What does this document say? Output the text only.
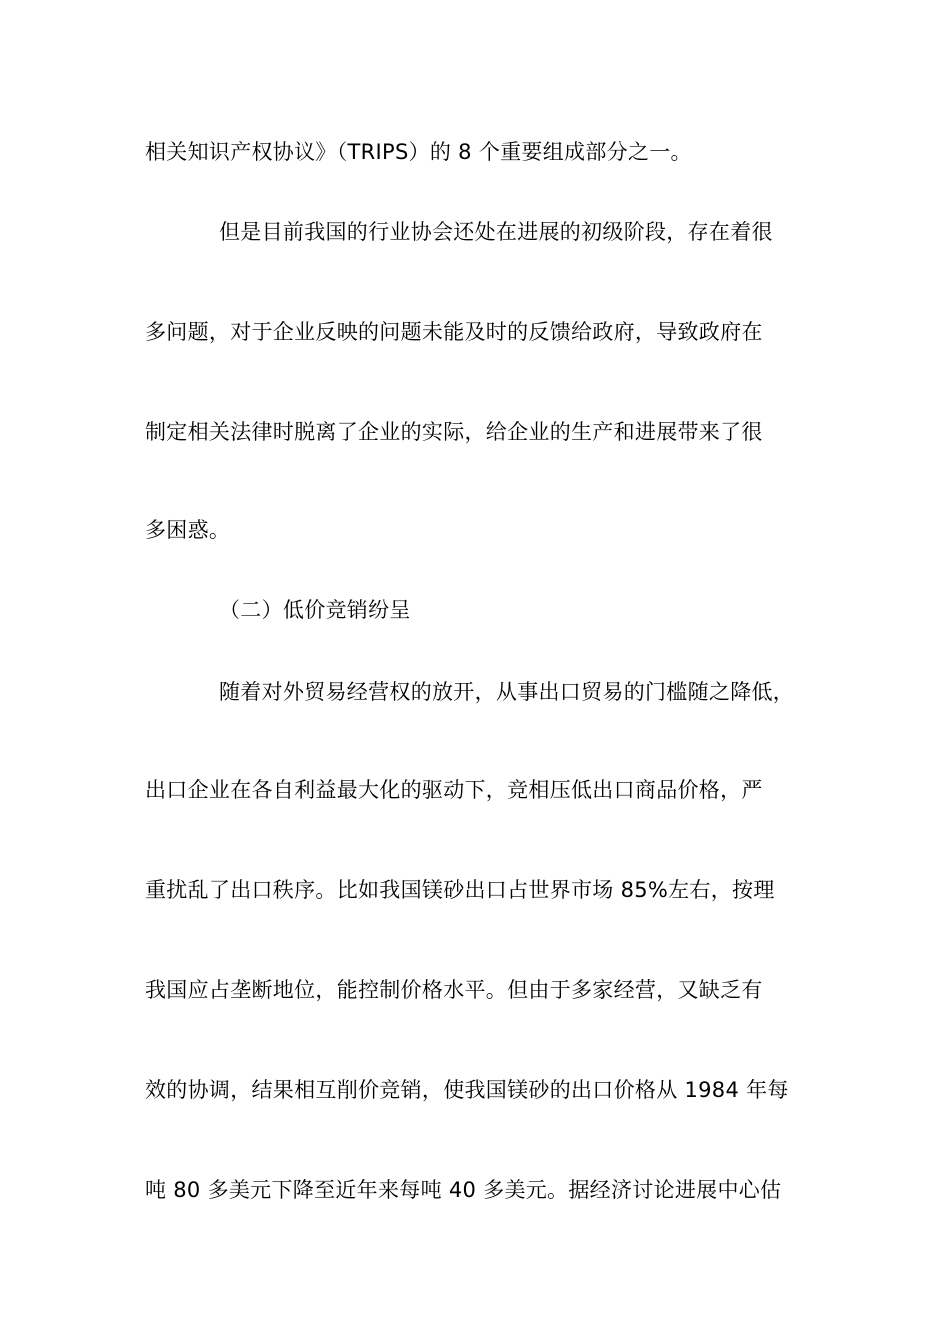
相关知识产权协议》（TRIPS）的 8 个重要组成部分之一。
但是目前我国的行业协会还处在进展的初级阶段，存在着很
多问题，对于企业反映的问题未能及时的反馈给政府，导致政府在
制定相关法律时脱离了企业的实际，给企业的生产和进展带来了很
多困惑。
（二）低价竞销纷呈
随着对外贸易经营权的放开，从事出口贸易的门槛随之降低，
出口企业在各自利益最大化的驱动下，竞相压低出口商品价格，严
重扰乱了出口秩序。比如我国镁砂出口占世界市场 85%左右，按理
我国应占垄断地位，能控制价格水平。但由于多家经营，又缺乏有
效的协调，结果相互削价竞销，使我国镁砂的出口价格从 1984 年每
吨 80 多美元下降至近年来每吨 40 多美元。据经济讨论进展中心估
